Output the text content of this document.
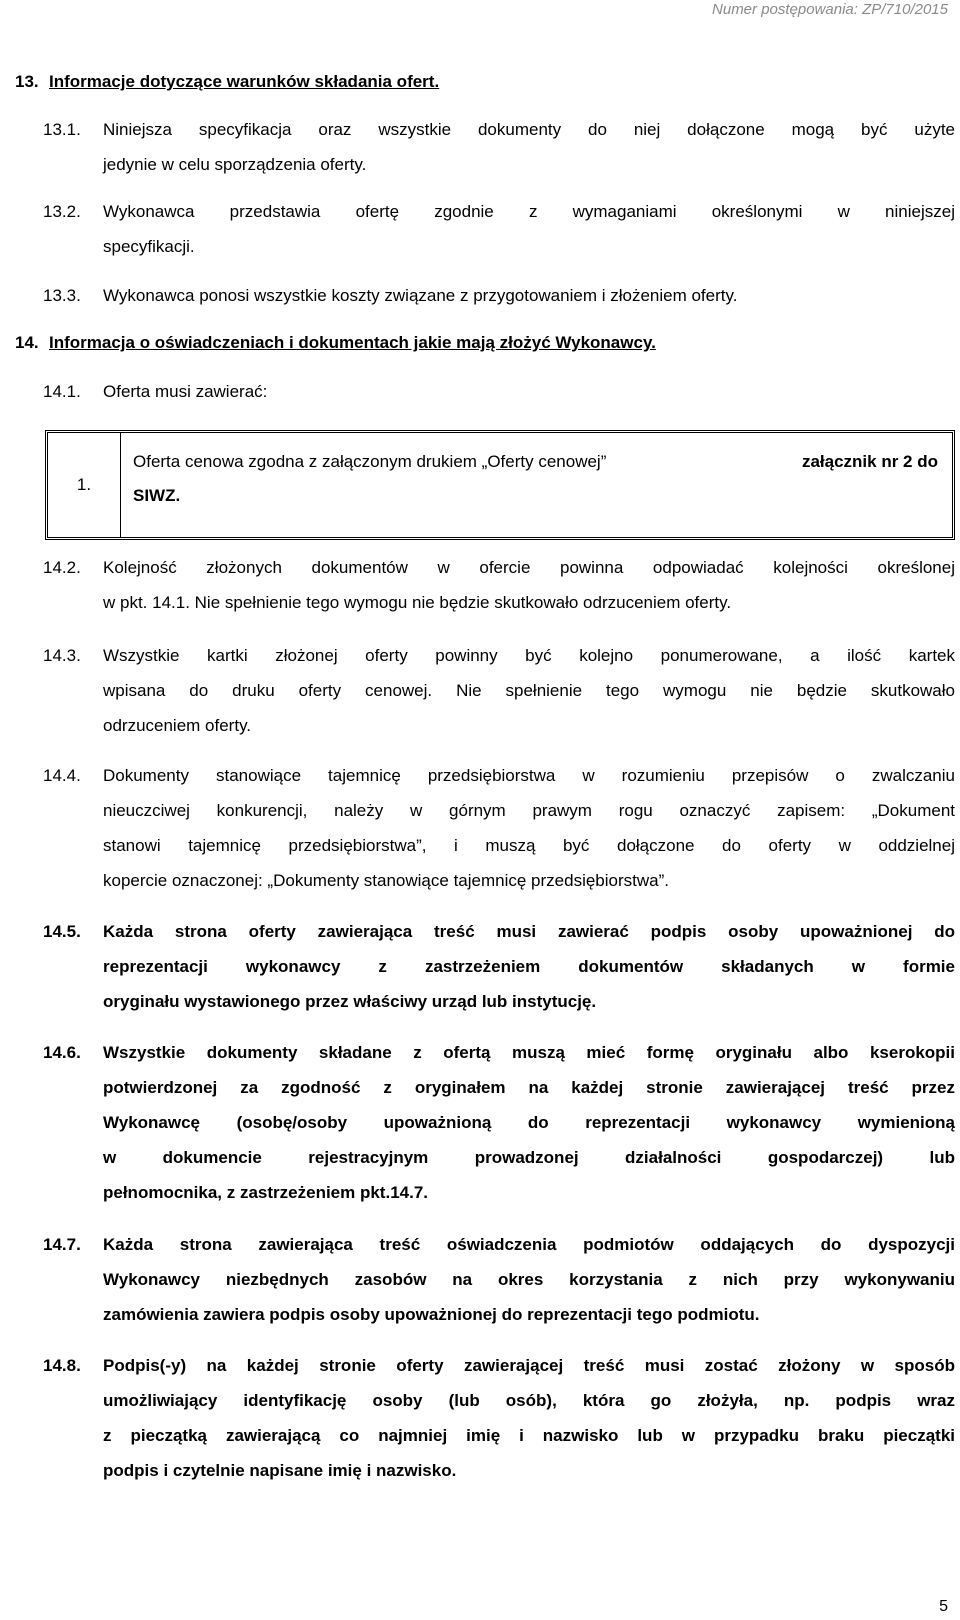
Numer postępowania: ZP/710/2015
13. Informacje dotyczące warunków składania ofert.
13.1.	Niniejsza specyfikacja oraz wszystkie dokumenty do niej dołączone mogą być użyte
jedynie w celu sporządzenia oferty.
13.2.	Wykonawca przedstawia ofertę zgodnie z wymaganiami określonymi w niniejszej
specyfikacji.
13.3.	Wykonawca ponosi wszystkie koszty związane z przygotowaniem i złożeniem oferty.
14. Informacja o oświadczeniach i dokumentach jakie mają złożyć Wykonawcy.
14.1.	Oferta musi zawierać:
1.
Oferta cenowa zgodna z załączonym drukiem „Oferty cenowej”	załącznik nr 2 do
SIWZ.
14.2.	Kolejność złożonych dokumentów w ofercie powinna odpowiadać kolejności określonej
w pkt. 14.1. Nie spełnienie tego wymogu nie będzie skutkowało odrzuceniem oferty.
14.3.	Wszystkie kartki złożonej oferty powinny być kolejno ponumerowane, a ilość kartek
wpisana do druku oferty cenowej. Nie spełnienie tego wymogu nie będzie skutkowało
odrzuceniem oferty.
14.4.	Dokumenty stanowiące tajemnicę przedsiębiorstwa w rozumieniu przepisów o zwalczaniu
nieuczciwej konkurencji, należy w górnym prawym rogu oznaczyć zapisem: „Dokument
stanowi tajemnicę przedsiębiorstwa”, i muszą być dołączone do oferty w oddzielnej
kopercie oznaczonej: „Dokumenty stanowiące tajemnicę przedsiębiorstwa”.
14.5.	Każda strona oferty zawierająca treść musi zawierać podpis osoby upoważnionej do
reprezentacji wykonawcy z zastrzeżeniem dokumentów składanych w formie
oryginału wystawionego przez właściwy urząd lub instytucję.
14.6.	Wszystkie dokumenty składane z ofertą muszą mieć formę oryginału albo kserokopii
potwierdzonej za zgodność z oryginałem na każdej stronie zawierającej treść przez
Wykonawcę (osobę/osoby upoważnioną do reprezentacji wykonawcy wymienioną
w dokumencie rejestracyjnym prowadzonej działalności gospodarczej) lub
pełnomocnika, z zastrzeżeniem pkt.14.7.
14.7.	Każda strona zawierająca treść oświadczenia podmiotów oddających do dyspozycji
Wykonawcy niezbędnych zasobów na okres korzystania z nich przy wykonywaniu
zamówienia zawiera podpis osoby upoważnionej do reprezentacji tego podmiotu.
14.8.	Podpis(-y) na każdej stronie oferty zawierającej treść musi zostać złożony w sposób
umożliwiający identyfikację osoby (lub osób), która go złożyła, np. podpis wraz
z pieczątką zawierającą co najmniej imię i nazwisko lub w przypadku braku pieczątki
podpis i czytelnie napisane imię i nazwisko.
5
